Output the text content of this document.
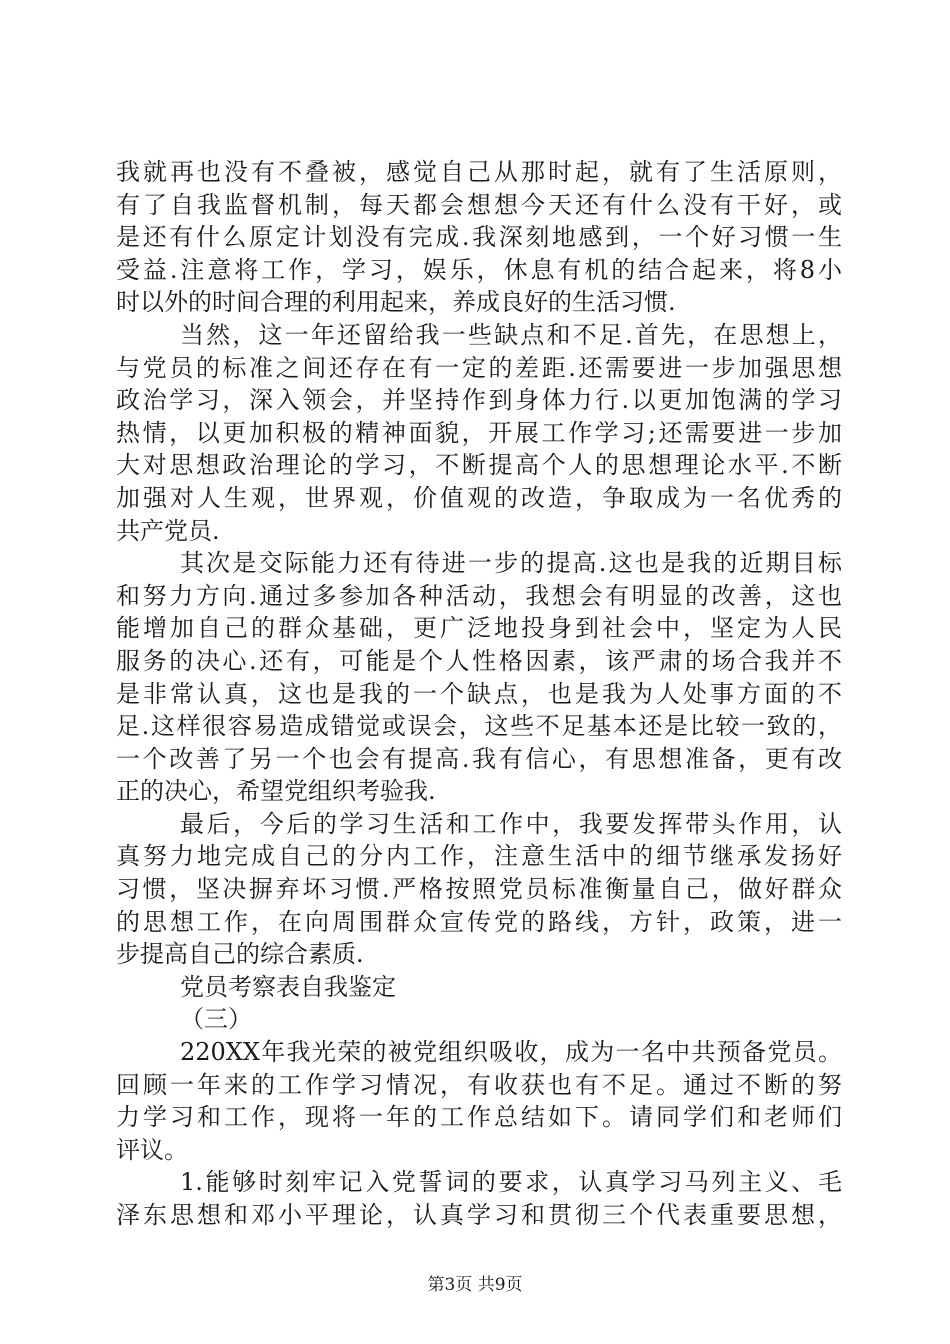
我就再也没有不叠被，感觉自己从那时起，就有了生活原则，
有了自我监督机制，每天都会想想今天还有什么没有干好，或
是还有什么原定计划没有完成.我深刻地感到，一个好习惯一生
受益.注意将工作，学习，娱乐，休息有机的结合起来，将8小
时以外的时间合理的利用起来，养成良好的生活习惯.
当然，这一年还留给我一些缺点和不足.首先，在思想上，
与党员的标准之间还存在有一定的差距.还需要进一步加强思想
政治学习，深入领会，并坚持作到身体力行.以更加饱满的学习
热情，以更加积极的精神面貌，开展工作学习;还需要进一步加
大对思想政治理论的学习，不断提高个人的思想理论水平.不断
加强对人生观，世界观，价值观的改造，争取成为一名优秀的
共产党员.
其次是交际能力还有待进一步的提高.这也是我的近期目标
和努力方向.通过多参加各种活动，我想会有明显的改善，这也
能增加自己的群众基础，更广泛地投身到社会中，坚定为人民
服务的决心.还有，可能是个人性格因素，该严肃的场合我并不
是非常认真，这也是我的一个缺点，也是我为人处事方面的不
足.这样很容易造成错觉或误会，这些不足基本还是比较一致的，
一个改善了另一个也会有提高.我有信心，有思想准备，更有改
正的决心，希望党组织考验我.
最后，今后的学习生活和工作中，我要发挥带头作用，认
真努力地完成自己的分内工作，注意生活中的细节继承发扬好
习惯，坚决摒弃坏习惯.严格按照党员标准衡量自己，做好群众
的思想工作，在向周围群众宣传党的路线，方针，政策，进一
步提高自己的综合素质.
党员考察表自我鉴定
（三）
220XX年我光荣的被党组织吸收，成为一名中共预备党员。
回顾一年来的工作学习情况，有收获也有不足。通过不断的努
力学习和工作，现将一年的工作总结如下。请同学们和老师们
评议。
1.能够时刻牢记入党誓词的要求，认真学习马列主义、毛
泽东思想和邓小平理论，认真学习和贯彻三个代表重要思想，
第3页 共9页
